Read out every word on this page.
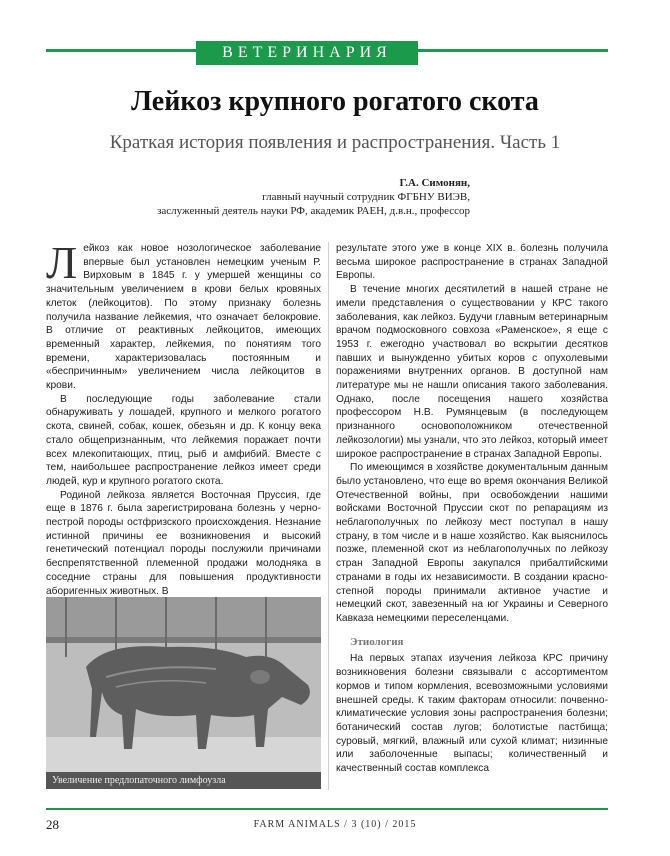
ВЕТЕРИНАРИЯ
Лейкоз крупного рогатого скота
Краткая история появления и распространения. Часть 1
Г.А. Симонян,
главный научный сотрудник ФГБНУ ВИЭВ,
заслуженный деятель науки РФ, академик РАЕН, д.в.н., профессор

Лейкоз как новое нозологическое заболевание впервые был установлен немецким ученым Р. Вирховым в 1845 г. у умершей женщины со значительным увеличением в крови белых кровяных клеток (лейкоцитов). По этому признаку болезнь получила название лейкемия, что означает белокровие. В отличие от реактивных лейкоцитов, имеющих временный характер, лейкемия, по понятиям того времени, характеризовалась постоянным и «беспричинным» увеличением числа лейкоцитов в крови.

В последующие годы заболевание стали обнаруживать у лошадей, крупного и мелкого рогатого скота, свиней, собак, кошек, обезьян и др. К концу века стало общепризнанным, что лейкемия поражает почти всех млекопитающих, птиц, рыб и амфибий. Вместе с тем, наибольшее распространение лейкоз имеет среди людей, кур и крупного рогатого скота.

Родиной лейкоза является Восточная Пруссия, где еще в 1876 г. была зарегистрирована болезнь у черно-пестрой породы остфризского происхождения. Незнание истинной причины ее возникновения и высокий генетический потенциал породы послужили причинами беспрепятственной племенной продажи молодняка в соседние страны для повышения продуктивности аборигенных животных. В

Увеличение предлопаточного лимфоузла

результате этого уже в конце XIX в. болезнь получила весьма широкое распространение в странах Западной Европы.

В течение многих десятилетий в нашей стране не имели представления о существовании у КРС такого заболевания, как лейкоз. Будучи главным ветеринарным врачом подмосковного совхоза «Раменское», я еще с 1953 г. ежегодно участвовал во вскрытии десятков павших и вынужденно убитых коров с опухолевыми поражениями внутренних органов. В доступной нам литературе мы не нашли описания такого заболевания. Однако, после посещения нашего хозяйства профессором Н.В. Румянцевым (в последующем признанного основоположником отечественной лейкозологии) мы узнали, что это лейкоз, который имеет широкое распространение в странах Западной Европы.

По имеющимся в хозяйстве документальным данным было установлено, что еще во время окончания Великой Отечественной войны, при освобождении нашими войсками Восточной Пруссии скот по репарациям из неблагополучных по лейкозу мест поступал в нашу страну, в том числе и в наше хозяйство. Как выяснилось позже, племенной скот из неблагополучных по лейкозу стран Западной Европы закупался прибалтийскими странами в годы их независимости. В создании красно-степной породы принимали активное участие и немецкий скот, завезенный на юг Украины и Северного Кавказа немецкими переселенцами.

Этиология

На первых этапах изучения лейкоза КРС причину возникновения болезни связывали с ассортиментом кормов и типом кормления, всевозможными условиями внешней среды. К таким факторам относили: почвенно-климатические условия зоны распространения болезни; ботанический состав лугов; болотистые пастбища; суровый, мягкий, влажный или сухой климат; низинные или заболоченные выпасы; количественный и качественный состав комплекса

28	FARM ANIMALS / 3 (10) / 2015
